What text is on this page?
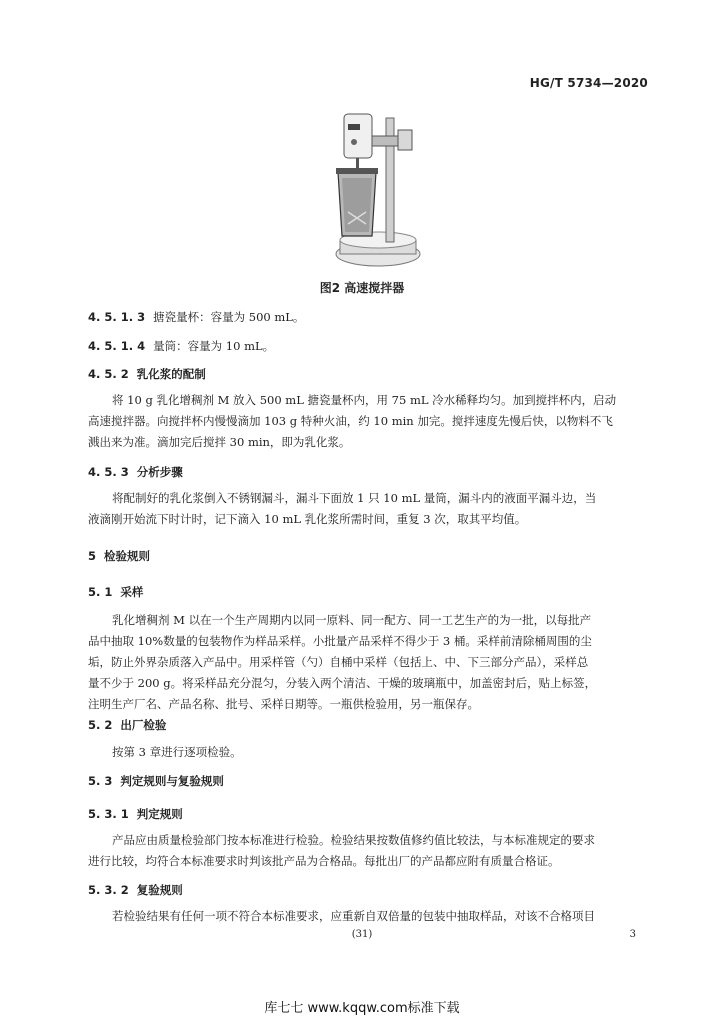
HG/T 5734—2020
图2 高速搅拌器
4. 5. 1. 3 搪瓷量杯：容量为 500 mL。
4. 5. 1. 4 量筒：容量为 10 mL。
4. 5. 2 乳化浆的配制
将 10 g 乳化增稠剂 M 放入 500 mL 搪瓷量杯内，用 75 mL 冷水稀释均匀。加到搅拌杯内，启动
高速搅拌器。向搅拌杯内慢慢滴加 103 g 特种火油，约 10 min 加完。搅拌速度先慢后快，以物料不飞
溅出来为准。滴加完后搅拌 30 min，即为乳化浆。
4. 5. 3 分析步骤
将配制好的乳化浆倒入不锈钢漏斗，漏斗下面放 1 只 10 mL 量筒，漏斗内的液面平漏斗边，当
液滴刚开始流下时计时，记下滴入 10 mL 乳化浆所需时间，重复 3 次，取其平均值。
5 检验规则
5. 1 采样
乳化增稠剂 M 以在一个生产周期内以同一原料、同一配方、同一工艺生产的为一批，以每批产
品中抽取 10%数量的包装物作为样品采样。小批量产品采样不得少于 3 桶。采样前清除桶周围的尘
垢，防止外界杂质落入产品中。用采样管（勺）自桶中采样（包括上、中、下三部分产品），采样总
量不少于 200 g。将采样品充分混匀，分装入两个清洁、干燥的玻璃瓶中，加盖密封后，贴上标签，
注明生产厂名、产品名称、批号、采样日期等。一瓶供检验用，另一瓶保存。
5. 2 出厂检验
按第 3 章进行逐项检验。
5. 3 判定规则与复验规则
5. 3. 1 判定规则
产品应由质量检验部门按本标准进行检验。检验结果按数值修约值比较法，与本标准规定的要求
进行比较，均符合本标准要求时判该批产品为合格品。每批出厂的产品都应附有质量合格证。
5. 3. 2 复验规则
若检验结果有任何一项不符合本标准要求，应重新自双倍量的包装中抽取样品，对该不合格项目
(31)	3
库七七 www.kqqw.com标准下载
